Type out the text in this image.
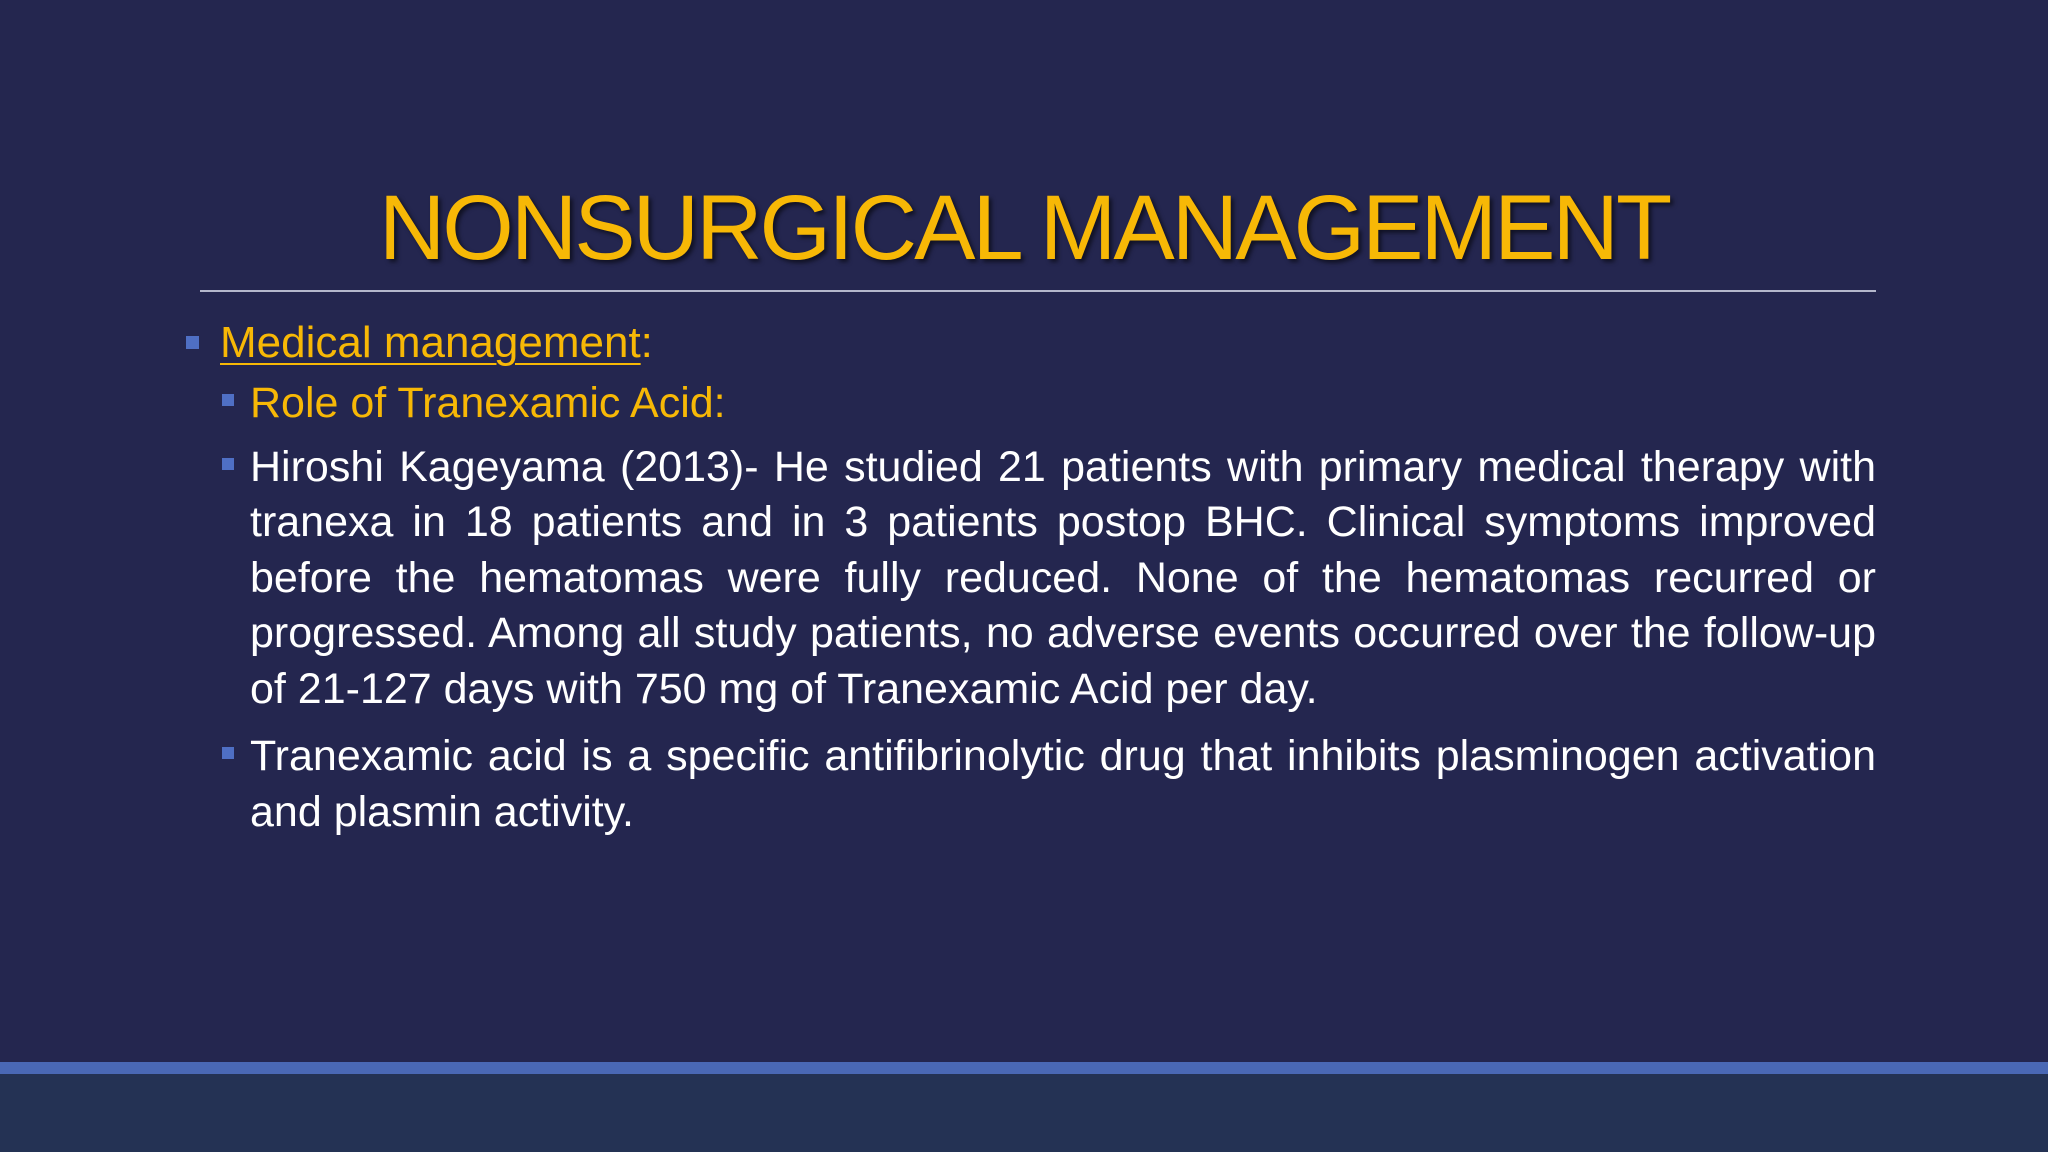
NONSURGICAL MANAGEMENT
Medical management:
Role of Tranexamic Acid:
Hiroshi Kageyama (2013)- He studied 21 patients with primary medical therapy with tranexa in 18 patients and in 3 patients postop BHC. Clinical symptoms improved before the hematomas were fully reduced. None of the hematomas recurred or progressed. Among all study patients, no adverse events occurred over the follow-up of 21-127 days with 750 mg of Tranexamic Acid per day.
Tranexamic acid is a specific antifibrinolytic drug that inhibits plasminogen activation and plasmin activity.
